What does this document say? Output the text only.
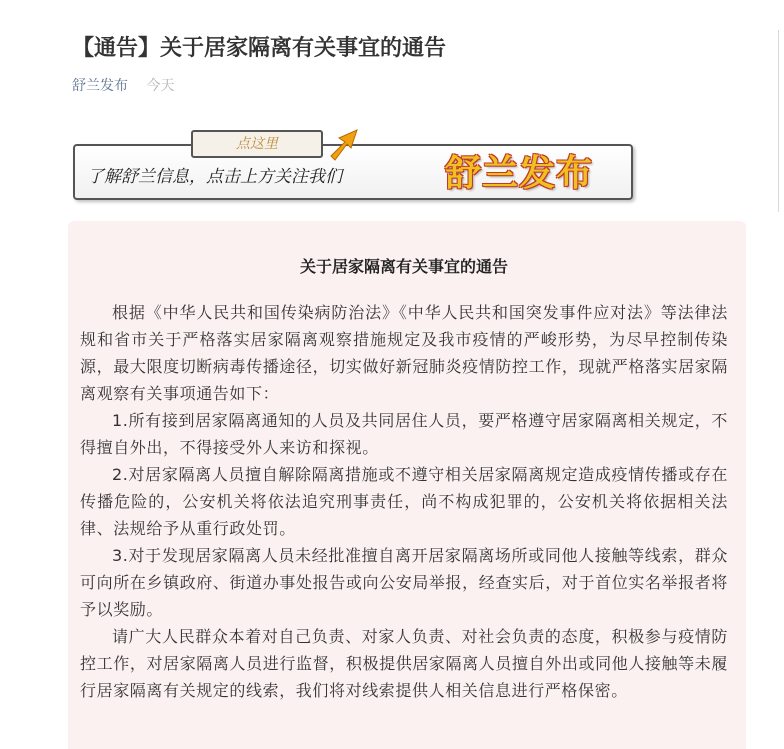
【通告】关于居家隔离有关事宜的通告
舒兰发布 今天
点这里
了解舒兰信息，点击上方关注我们	舒兰发布
关于居家隔离有关事宜的通告

根据《中华人民共和国传染病防治法》《中华人民共和国突发事件应对法》等法律法规和省市关于严格落实居家隔离观察措施规定及我市疫情的严峻形势，为尽早控制传染源，最大限度切断病毒传播途径，切实做好新冠肺炎疫情防控工作，现就严格落实居家隔离观察有关事项通告如下：

1.所有接到居家隔离通知的人员及共同居住人员，要严格遵守居家隔离相关规定，不得擅自外出，不得接受外人来访和探视。

2.对居家隔离人员擅自解除隔离措施或不遵守相关居家隔离规定造成疫情传播或存在传播危险的，公安机关将依法追究刑事责任，尚不构成犯罪的，公安机关将依据相关法律、法规给予从重行政处罚。

3.对于发现居家隔离人员未经批准擅自离开居家隔离场所或同他人接触等线索，群众可向所在乡镇政府、街道办事处报告或向公安局举报，经查实后，对于首位实名举报者将予以奖励。

请广大人民群众本着对自己负责、对家人负责、对社会负责的态度，积极参与疫情防控工作，对居家隔离人员进行监督，积极提供居家隔离人员擅自外出或同他人接触等未履行居家隔离有关规定的线索，我们将对线索提供人相关信息进行严格保密。
